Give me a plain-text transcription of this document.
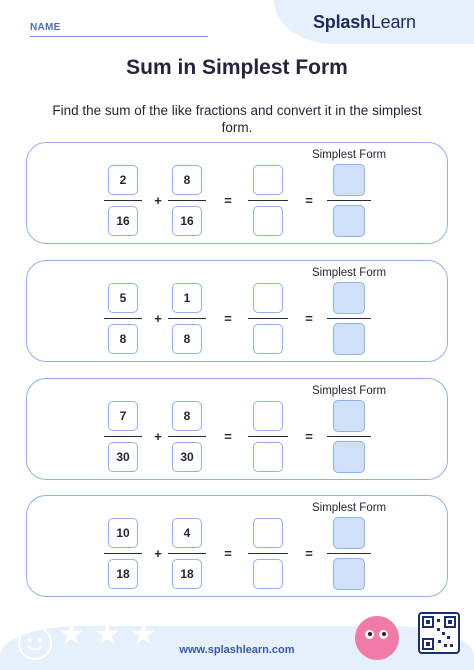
NAME	SplashLearn
Sum in Simplest Form
Find the sum of the like fractions and convert it in the simplest form.
Simplest Form
2
16
+
8
16
=	=
Simplest Form
5
8
+
1
8
=	=
Simplest Form
7
30
+
8
30
=	=
Simplest Form
10
18
+
4
18
=	=
★ ★ ★	www.splashlearn.com
